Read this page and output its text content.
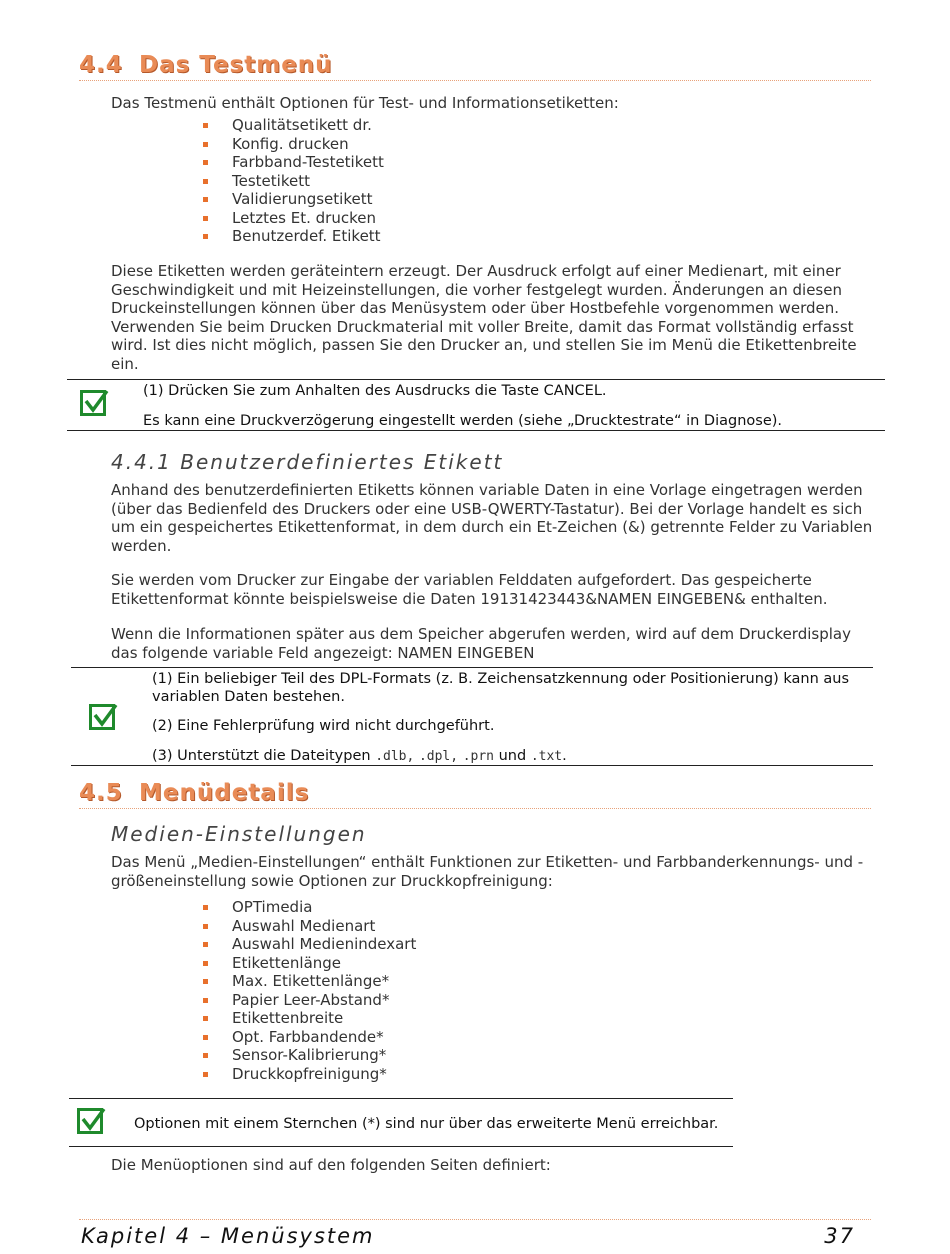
4.4 Das Testmenü
Das Testmenü enthält Optionen für Test- und Informationsetiketten:
Qualitätsetikett dr.
Konfig. drucken
Farbband-Testetikett
Testetikett
Validierungsetikett
Letztes Et. drucken
Benutzerdef. Etikett
Diese Etiketten werden geräteintern erzeugt. Der Ausdruck erfolgt auf einer Medienart, mit einer Geschwindigkeit und mit Heizeinstellungen, die vorher festgelegt wurden. Änderungen an diesen Druckeinstellungen können über das Menüsystem oder über Hostbefehle vorgenommen werden. Verwenden Sie beim Drucken Druckmaterial mit voller Breite, damit das Format vollständig erfasst wird. Ist dies nicht möglich, passen Sie den Drucker an, und stellen Sie im Menü die Etikettenbreite ein.
(1) Drücken Sie zum Anhalten des Ausdrucks die Taste CANCEL.
Es kann eine Druckverzögerung eingestellt werden (siehe „Drucktestrate“ in Diagnose).
4.4.1 Benutzerdefiniertes Etikett
Anhand des benutzerdefinierten Etiketts können variable Daten in eine Vorlage eingetragen werden (über das Bedienfeld des Druckers oder eine USB-QWERTY-Tastatur). Bei der Vorlage handelt es sich um ein gespeichertes Etikettenformat, in dem durch ein Et-Zeichen (&) getrennte Felder zu Variablen werden.
Sie werden vom Drucker zur Eingabe der variablen Felddaten aufgefordert. Das gespeicherte Etikettenformat könnte beispielsweise die Daten 19131423443&NAMEN EINGEBEN& enthalten.
Wenn die Informationen später aus dem Speicher abgerufen werden, wird auf dem Druckerdisplay das folgende variable Feld angezeigt: NAMEN EINGEBEN
(1) Ein beliebiger Teil des DPL-Formats (z. B. Zeichensatzkennung oder Positionierung) kann aus variablen Daten bestehen.
(2) Eine Fehlerprüfung wird nicht durchgeführt.
(3) Unterstützt die Dateitypen .dlb, .dpl, .prn und .txt.
4.5 Menüdetails
Medien-Einstellungen
Das Menü „Medien-Einstellungen“ enthält Funktionen zur Etiketten- und Farbbanderkennungs- und -größeneinstellung sowie Optionen zur Druckkopfreinigung:
OPTimedia
Auswahl Medienart
Auswahl Medienindexart
Etikettenlänge
Max. Etikettenlänge*
Papier Leer-Abstand*
Etikettenbreite
Opt. Farbbandende*
Sensor-Kalibrierung*
Druckkopfreinigung*
Optionen mit einem Sternchen (*) sind nur über das erweiterte Menü erreichbar.
Die Menüoptionen sind auf den folgenden Seiten definiert:
Kapitel 4 – Menüsystem	37
